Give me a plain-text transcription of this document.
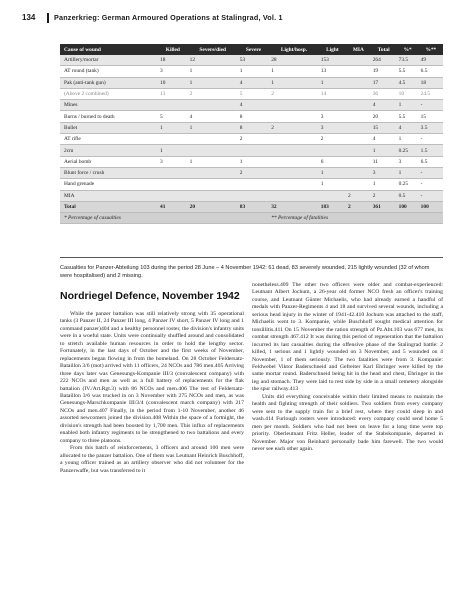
134	Panzerkrieg: German Armoured Operations at Stalingrad, Vol. 1
Cause of wound	Killed	Severe/died	Severe	Light/hosp.	Light	MIA	Total	%*	%**
Artillery/mortar	18	12	53	28	153		264	73.5	49
AT round (tank)	3	1	1	1	13		19	5.5	6.5
Pak (anti-tank gun)	10	1	4	1	1		17	4.5	18
(Above 2 combined)	13	2	5	2	14		36	10	24.5
Mines			4				4	1	-
Burns / burned to death	5	4	8		3		20	5.5	15
Bullet	1	1	8	2	3		15	4	3.5
AT rifle			2		2		4	1	-
2cm	1						1	0.25	1.5
Aerial bomb	3	1	1		6		11	3	6.5
Blunt force / crush			2		1		3	1	-
Hand grenade					1		1	0.25	-
MIA						2	2	0.5	-
Total	41	20	83	32	183	2	361	100	100
* Percentage of casualties				** Percentage of fatalities					
Casualties for Panzer-Abteilung 103 during the period 28 June – 4 November 1942: 61 dead, 83 severely wounded, 215 lightly wounded (32 of whom were hospitalised) and 2 missing.
Nordriegel Defence, November 1942

While the panzer battalion was still relatively strong with 35 operational tanks (3 Panzer II, 24 Panzer III long, 4 Panzer IV short, 5 Panzer IV long and 1 command panzer)404 and a healthy personnel roster, the division's infantry units were in a woeful state. Units were continually shuffled around and consolidated to stretch available human resources in order to hold the lengthy sector. Fortunately, in the last days of October and the first weeks of November, replacements began flowing in from the homeland. On 28 October Feldersatz-Bataillon 3/6 (mot) arrived with 11 officers, 24 NCOs and 786 men.405 Arriving three days later was Genesungs-Kompanie III/3 (convalescent company) with 222 NCOs and men as well as a full battery of replacements for the flak battalion (IV./Art.Rgt.3) with 86 NCOs and men.406 The rest of Feldersatz-Bataillon 3/6 was trucked in on 3 November with 275 NCOs and men, as was Genesungs-Marschkompanie III/3/4 (convalescent march company) with 217 NCOs and men.407 Finally, in the period from 1-10 November, another 46 assorted newcomers joined the division.408 Within the space of a fortnight, the division's strength had been boosted by 1,700 men. This influx of replacements enabled both infantry regiments to be strengthened to two battalions and every company to three platoons.

From this batch of reinforcements, 3 officers and around 100 men were allocated to the panzer battalion. One of them was Leutnant Heinrich Buschhoff, a young officer trained as an artillery observer who did not volunteer for the Panzerwaffe, but was transferred to it

nonetheless.409 The other two officers were older and combat-experienced: Leutnant Albert Jochum, a 26-year old former NCO fresh an officer's training course, and Leutnant Günter Michaelis, who had already earned a handful of medals with Panzer-Regiments 4 and 18 and survived several wounds, including a serious head injury in the winter of 1941-42.410 Jochum was attached to the staff, Michaelis went to 3. Kompanie, while Buschhoff sought medical attention for tonsillitis.411 On 15 November the ration strength of Pz.Abt.103 was 677 men, its combat strength 467.412 It was during this period of regeneration that the battalion incurred its last casualties during the offensive phase of the Stalingrad battle: 2 killed, 1 serious and 1 lightly wounded on 3 November, and 5 wounded on 4 November, 1 of them seriously. The two fatalities were from 3. Kompanie: Feldwebel Viktor Baderschneid and Gefreiter Karl Ehringer were killed by the same mortar round. Baderschneid being hit in the head and chest, Ehringer in the leg and stomach. They were laid to rest side by side in a small cemetery alongside the spur railway.413

Units did everything conceivable within their limited means to maintain the health and fighting strength of their soldiers. Two soldiers from every company were sent to the supply train for a brief rest, where they could sleep in and wash.414 Furlough rosters were introduced: every company could send home 5 men per month. Soldiers who had not been on leave for a long time were top priority. Oberleutnant Fritz Heller, leader of the Stabskompanie, departed in November. Major von Reinhard personally bade him farewell. The two would never see each other again.
